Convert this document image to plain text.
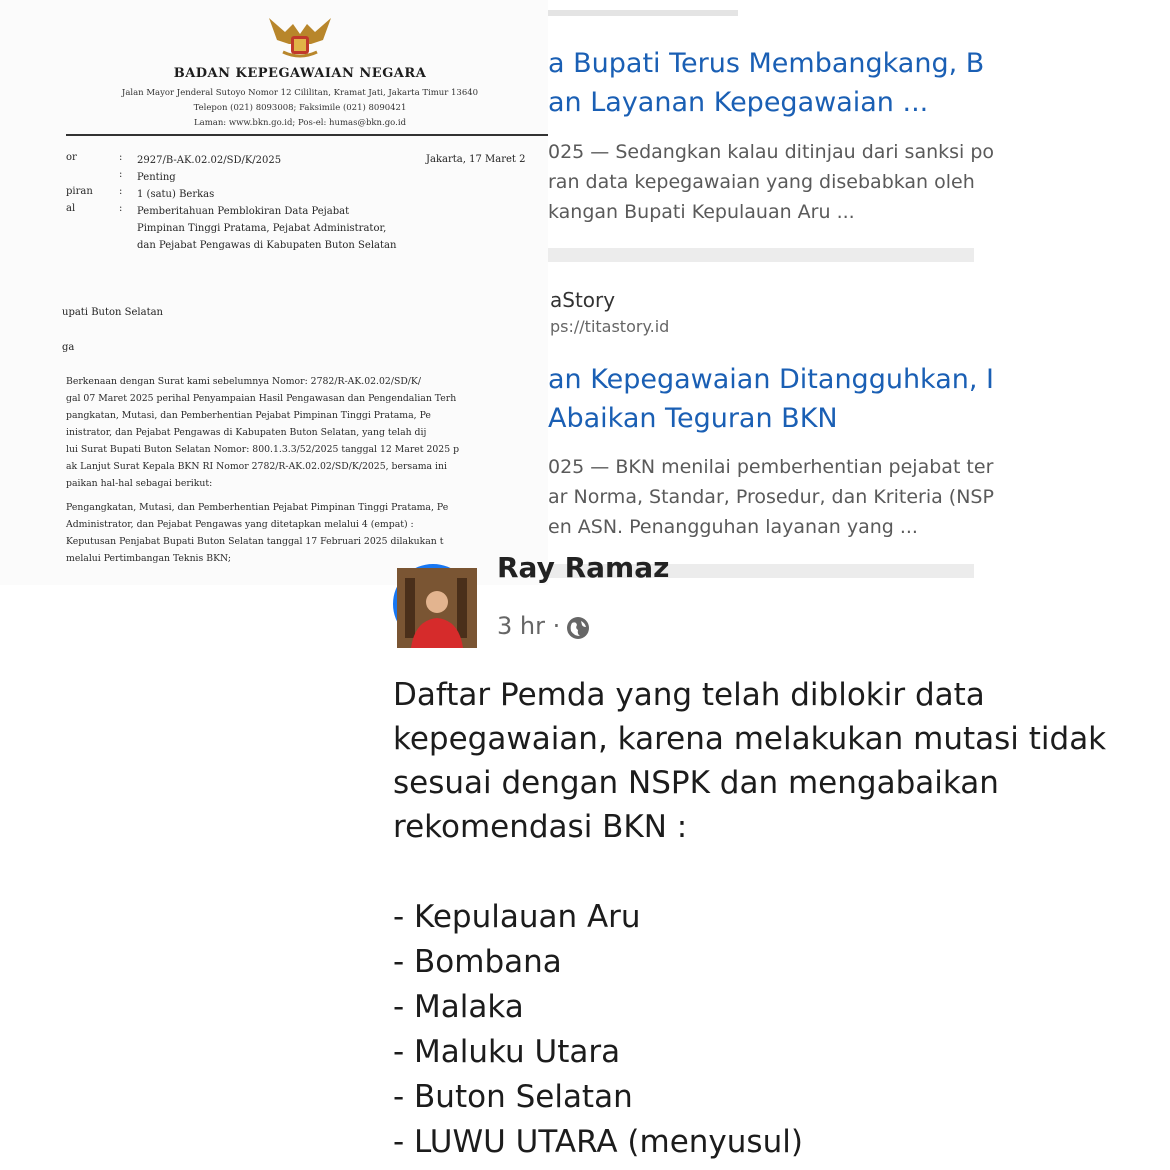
BADAN KEPEGAWAIAN NEGARA
Jalan Mayor Jenderal Sutoyo Nomor 12 Cililitan, Kramat Jati, Jakarta Timur 13640
Telepon (021) 8093008; Faksimile (021) 8090421
Laman: www.bkn.go.id; Pos-el: humas@bkn.go.id
Jakarta, 17 Maret 2
or	: 2927/B-AK.02.02/SD/K/2025
: Penting
piran	: 1 (satu) Berkas
al	: Pemberitahuan Pemblokiran Data Pejabat Pimpinan Tinggi Pratama, Pejabat Administrator, dan Pejabat Pengawas di Kabupaten Buton Selatan
upati Buton Selatan
ga
Berkenaan dengan Surat kami sebelumnya Nomor: 2782/R-AK.02.02/SD/K/
gal 07 Maret 2025 perihal Penyampaian Hasil Pengawasan dan Pengendalian Terh
pangkatan, Mutasi, dan Pemberhentian Pejabat Pimpinan Tinggi Pratama, Pe
inistrator, dan Pejabat Pengawas di Kabupaten Buton Selatan, yang telah dij
lui Surat Bupati Buton Selatan Nomor: 800.1.3.3/52/2025 tanggal 12 Maret 2025 p
ak Lanjut Surat Kepala BKN RI Nomor 2782/R-AK.02.02/SD/K/2025, bersama ini
paikan hal-hal sebagai berikut:
Pengangkatan, Mutasi, dan Pemberhentian Pejabat Pimpinan Tinggi Pratama, Pe
Administrator, dan Pejabat Pengawas yang ditetapkan melalui 4 (empat) :
Keputusan Penjabat Bupati Buton Selatan tanggal 17 Februari 2025 dilakukan t
melalui Pertimbangan Teknis BKN;
a Bupati Terus Membangkang, B
an Layanan Kepegawaian ...
025 — Sedangkan kalau ditinjau dari sanksi po
ran data kepegawaian yang disebabkan oleh
kangan Bupati Kepulauan Aru ...
aStory
ps://titastory.id
an Kepegawaian Ditangguhkan, I
Abaikan Teguran BKN
025 — BKN menilai pemberhentian pejabat ter
ar Norma, Standar, Prosedur, dan Kriteria (NSP
en ASN. Penangguhan layanan yang ...
Ray Ramaz
3 hr ·
Daftar Pemda yang telah diblokir data kepegawaian, karena melakukan mutasi tidak sesuai dengan NSPK dan mengabaikan rekomendasi BKN :
- Kepulauan Aru
- Bombana
- Malaka
- Maluku Utara
- Buton Selatan
- LUWU UTARA (menyusul)
